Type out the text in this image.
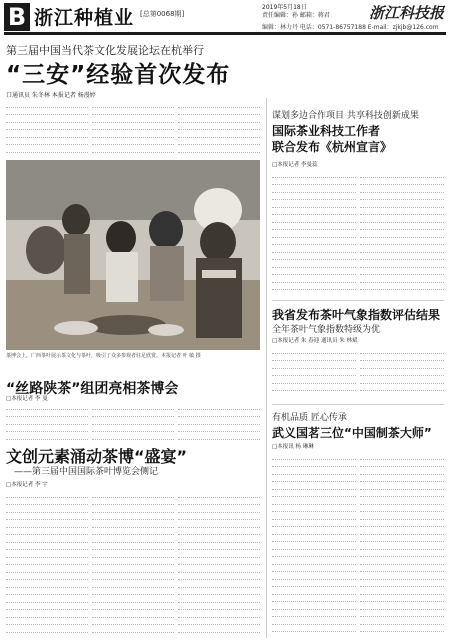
B 浙江种植业 [总第0068期]
2019年5月18日
责任编辑：孙 邮箱：蒋君	浙江科技报
编辑：林力丹 电话：0571-86757188 E-mail：zjkjb@126.com
第三届中国当代茶文化发展论坛在杭举行
“三安”经验首次发布
口通讯员 朱冬林 本报记者 杨漫婷
茶博会上，广西茶叶展示茶文化与茶叶，吸引了众多参观者驻足欣赏。本报记者 叶 敏 摄
“丝路陕茶”组团亮相茶博会
□本报记者 李 曼
文创元素涌动茶博“盛宴”
——第三届中国国际茶叶博览会侧记
□本报记者 李 宇
谋划多边合作项目 共享科技创新成果
国际茶业科技工作者
联合发布《杭州宣言》
□本报记者 李曼蕊
我省发布茶叶气象指数评估结果
全年茶叶气象指数特级为优
□本报记者 朱 春迎 通讯员 朱 林斌
有机品质 匠心传承
武义国茗三位“中国制茶大师”
□本报讯 杨 琳琳
